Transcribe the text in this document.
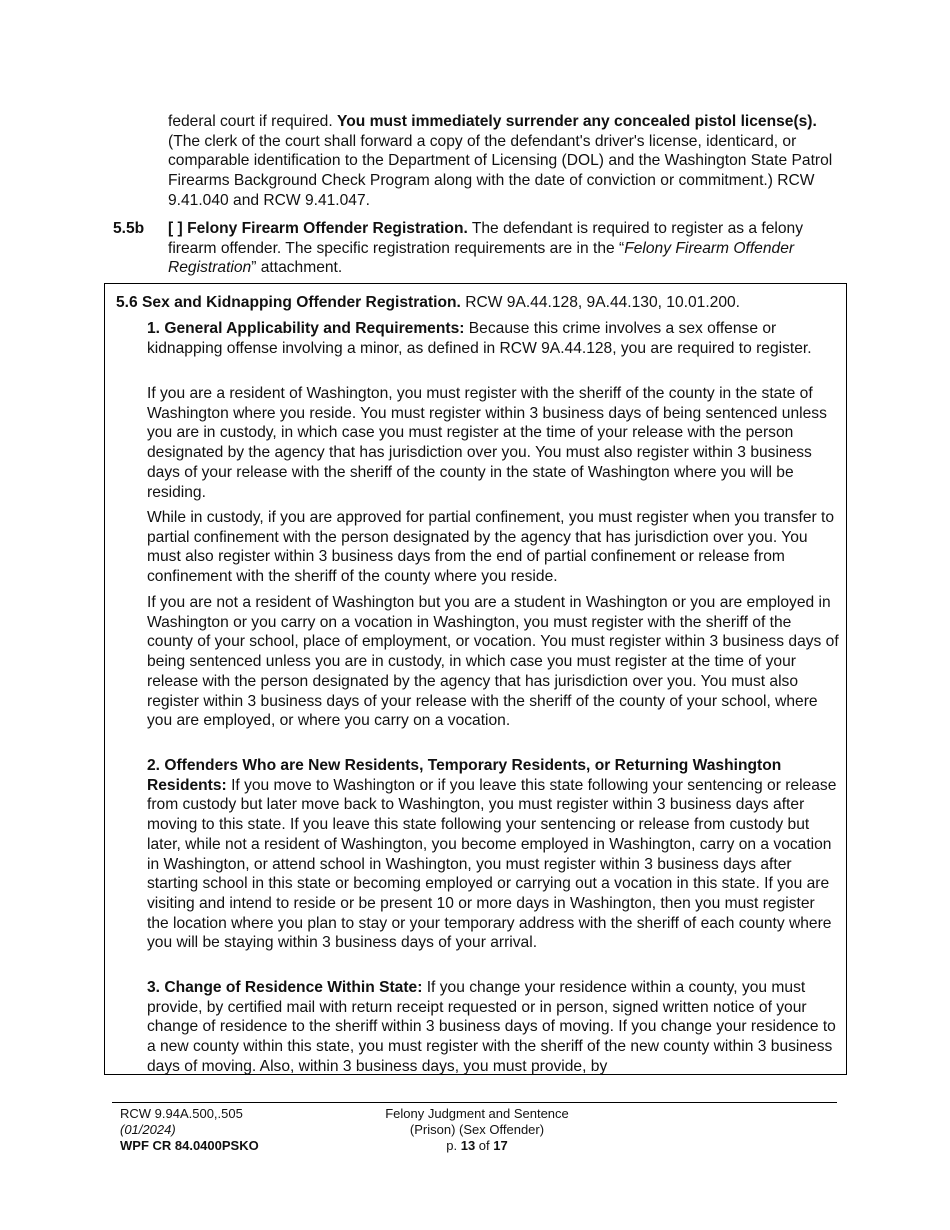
federal court if required. You must immediately surrender any concealed pistol license(s). (The clerk of the court shall forward a copy of the defendant's driver's license, identicard, or comparable identification to the Department of Licensing (DOL) and the Washington State Patrol Firearms Background Check Program along with the date of conviction or commitment.) RCW 9.41.040 and RCW 9.41.047.

5.5b [ ] Felony Firearm Offender Registration. The defendant is required to register as a felony firearm offender. The specific registration requirements are in the “Felony Firearm Offender Registration” attachment.

5.6 Sex and Kidnapping Offender Registration. RCW 9A.44.128, 9A.44.130, 10.01.200.

1. General Applicability and Requirements: Because this crime involves a sex offense or kidnapping offense involving a minor, as defined in RCW 9A.44.128, you are required to register.

If you are a resident of Washington, you must register with the sheriff of the county in the state of Washington where you reside. You must register within 3 business days of being sentenced unless you are in custody, in which case you must register at the time of your release with the person designated by the agency that has jurisdiction over you. You must also register within 3 business days of your release with the sheriff of the county in the state of Washington where you will be residing.

While in custody, if you are approved for partial confinement, you must register when you transfer to partial confinement with the person designated by the agency that has jurisdiction over you. You must also register within 3 business days from the end of partial confinement or release from confinement with the sheriff of the county where you reside.

If you are not a resident of Washington but you are a student in Washington or you are employed in Washington or you carry on a vocation in Washington, you must register with the sheriff of the county of your school, place of employment, or vocation. You must register within 3 business days of being sentenced unless you are in custody, in which case you must register at the time of your release with the person designated by the agency that has jurisdiction over you. You must also register within 3 business days of your release with the sheriff of the county of your school, where you are employed, or where you carry on a vocation.

2. Offenders Who are New Residents, Temporary Residents, or Returning Washington Residents: If you move to Washington or if you leave this state following your sentencing or release from custody but later move back to Washington, you must register within 3 business days after moving to this state. If you leave this state following your sentencing or release from custody but later, while not a resident of Washington, you become employed in Washington, carry on a vocation in Washington, or attend school in Washington, you must register within 3 business days after starting school in this state or becoming employed or carrying out a vocation in this state. If you are visiting and intend to reside or be present 10 or more days in Washington, then you must register the location where you plan to stay or your temporary address with the sheriff of each county where you will be staying within 3 business days of your arrival.

3. Change of Residence Within State: If you change your residence within a county, you must provide, by certified mail with return receipt requested or in person, signed written notice of your change of residence to the sheriff within 3 business days of moving. If you change your residence to a new county within this state, you must register with the sheriff of the new county within 3 business days of moving. Also, within 3 business days, you must provide, by

RCW 9.94A.500,.505
(01/2024)
WPF CR 84.0400PSKO
Felony Judgment and Sentence
(Prison) (Sex Offender)
p. 13 of 17
